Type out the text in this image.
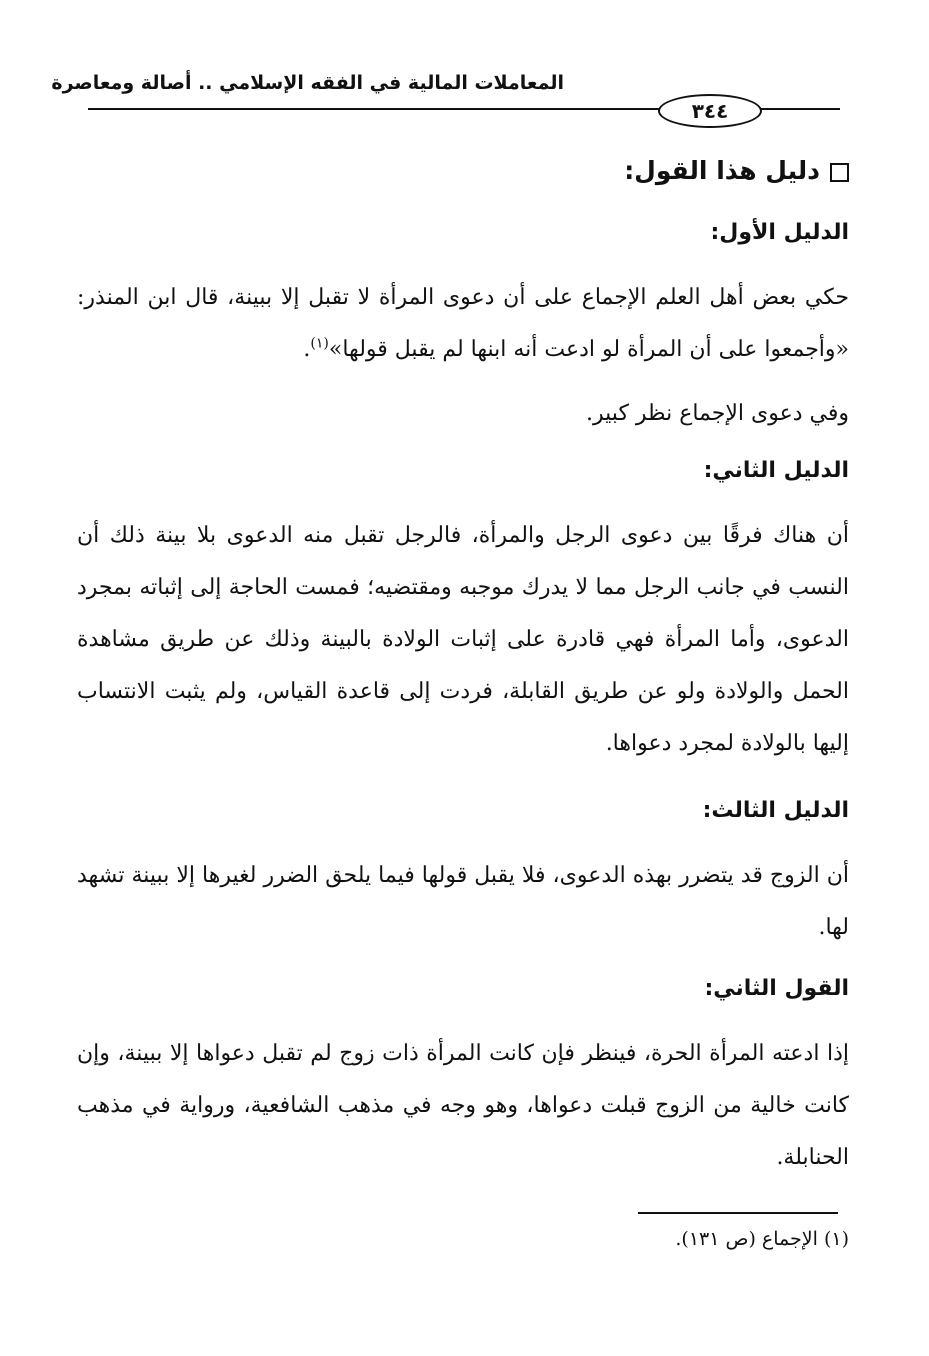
المعاملات المالية في الفقه الإسلامي .. أصالة ومعاصرة
٣٤٤
دليل هذا القول:
الدليل الأول:
حكي بعض أهل العلم الإجماع على أن دعوى المرأة لا تقبل إلا ببينة، قال ابن المنذر: «وأجمعوا على أن المرأة لو ادعت أنه ابنها لم يقبل قولها»$^{(١)}$.
وفي دعوى الإجماع نظر كبير.
الدليل الثاني:
أن هناك فرقًا بين دعوى الرجل والمرأة، فالرجل تقبل منه الدعوى بلا بينة ذلك أن النسب في جانب الرجل مما لا يدرك موجبه ومقتضيه؛ فمست الحاجة إلى إثباته بمجرد الدعوى، وأما المرأة فهي قادرة على إثبات الولادة بالبينة وذلك عن طريق مشاهدة الحمل والولادة ولو عن طريق القابلة، فردت إلى قاعدة القياس، ولم يثبت الانتساب إليها بالولادة لمجرد دعواها.
الدليل الثالث:
أن الزوج قد يتضرر بهذه الدعوى، فلا يقبل قولها فيما يلحق الضرر لغيرها إلا ببينة تشهد لها.
القول الثاني:
إذا ادعته المرأة الحرة، فينظر فإن كانت المرأة ذات زوج لم تقبل دعواها إلا ببينة، وإن كانت خالية من الزوج قبلت دعواها، وهو وجه في مذهب الشافعية، ورواية في مذهب الحنابلة.
(١) الإجماع (ص ١٣١).
